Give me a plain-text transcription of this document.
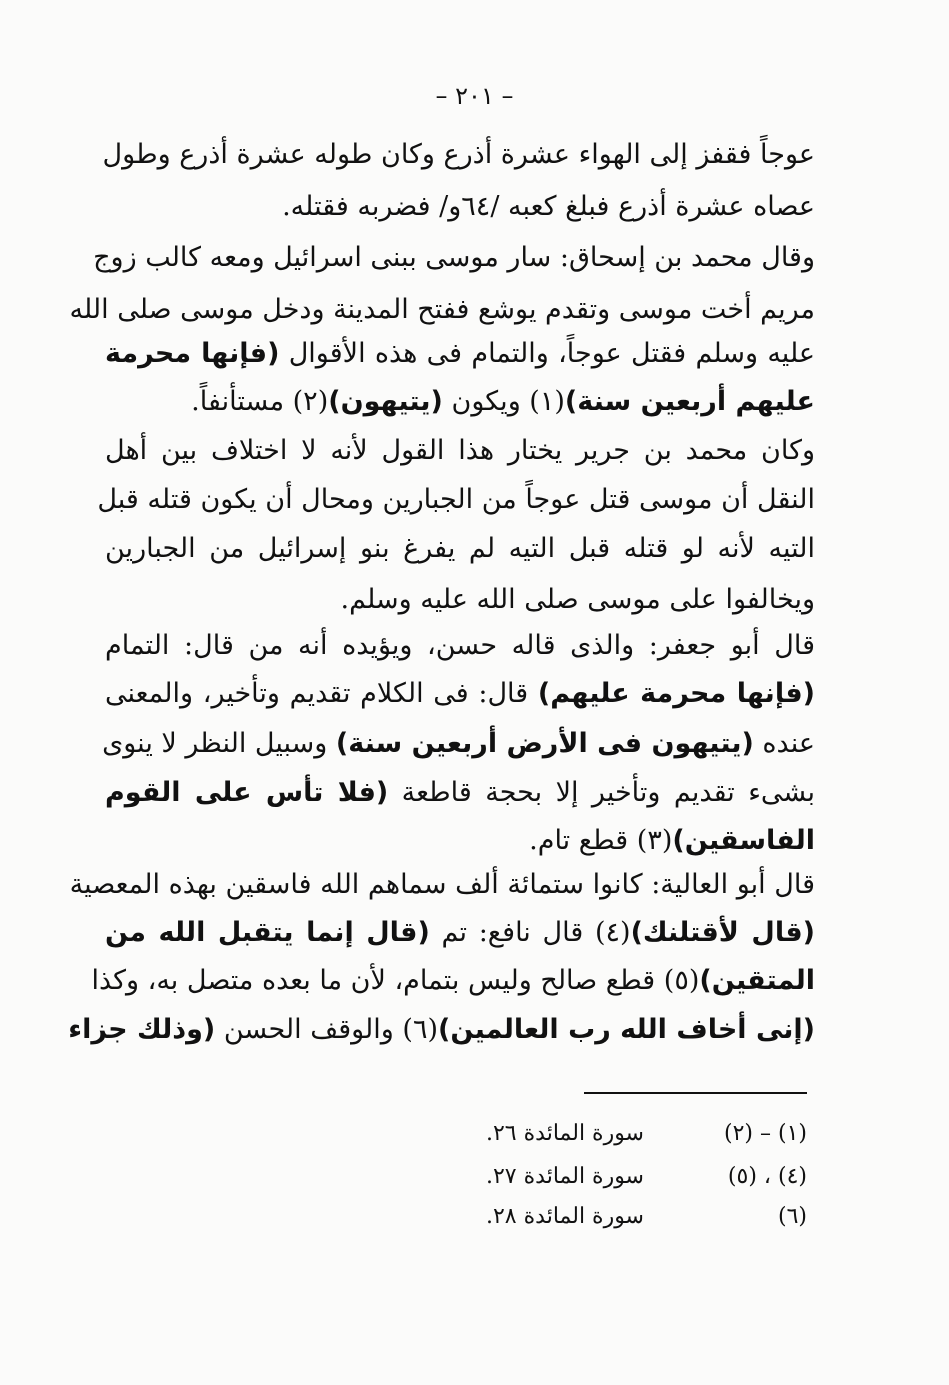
– ٢٠١ –
عوجاً فقفز إلى الهواء عشرة أذرع وكان طوله عشرة أذرع وطول
عصاه عشرة أذرع فبلغ كعبه /٦٤و/ فضربه فقتله.
وقال محمد بن إسحاق: سار موسى ببنى اسرائيل ومعه كالب زوج
مريم أخت موسى وتقدم يوشع ففتح المدينة ودخل موسى صلى الله
عليه وسلم فقتل عوجاً، والتمام فى هذه الأقوال (فإنها محرمة
عليهم أربعين سنة)(١) ويكون (يتيهون)(٢) مستأنفاً.
وكان محمد بن جرير يختار هذا القول لأنه لا اختلاف بين أهل
النقل أن موسى قتل عوجاً من الجبارين ومحال أن يكون قتله قبل
التيه لأنه لو قتله قبل التيه لم يفرغ بنو إسرائيل من الجبارين
ويخالفوا على موسى صلى الله عليه وسلم.
قال أبو جعفر: والذى قاله حسن، ويؤيده أنه من قال: التمام
(فإنها محرمة عليهم) قال: فى الكلام تقديم وتأخير، والمعنى
عنده (يتيهون فى الأرض أربعين سنة) وسبيل النظر لا ينوى
بشىء تقديم وتأخير إلا بحجة قاطعة (فلا تأس على القوم
الفاسقين)(٣) قطع تام.
قال أبو العالية: كانوا ستمائة ألف سماهم الله فاسقين بهذه المعصية
(قال لأقتلنك)(٤) قال نافع: تم (قال إنما يتقبل الله من
المتقين)(٥) قطع صالح وليس بتمام، لأن ما بعده متصل به، وكذا
(إنى أخاف الله رب العالمين)(٦) والوقف الحسن (وذلك جزاء
(١) – (٢)
سورة المائدة ٢٦.
(٤) ، (٥)
سورة المائدة ٢٧.
(٦)
سورة المائدة ٢٨.
